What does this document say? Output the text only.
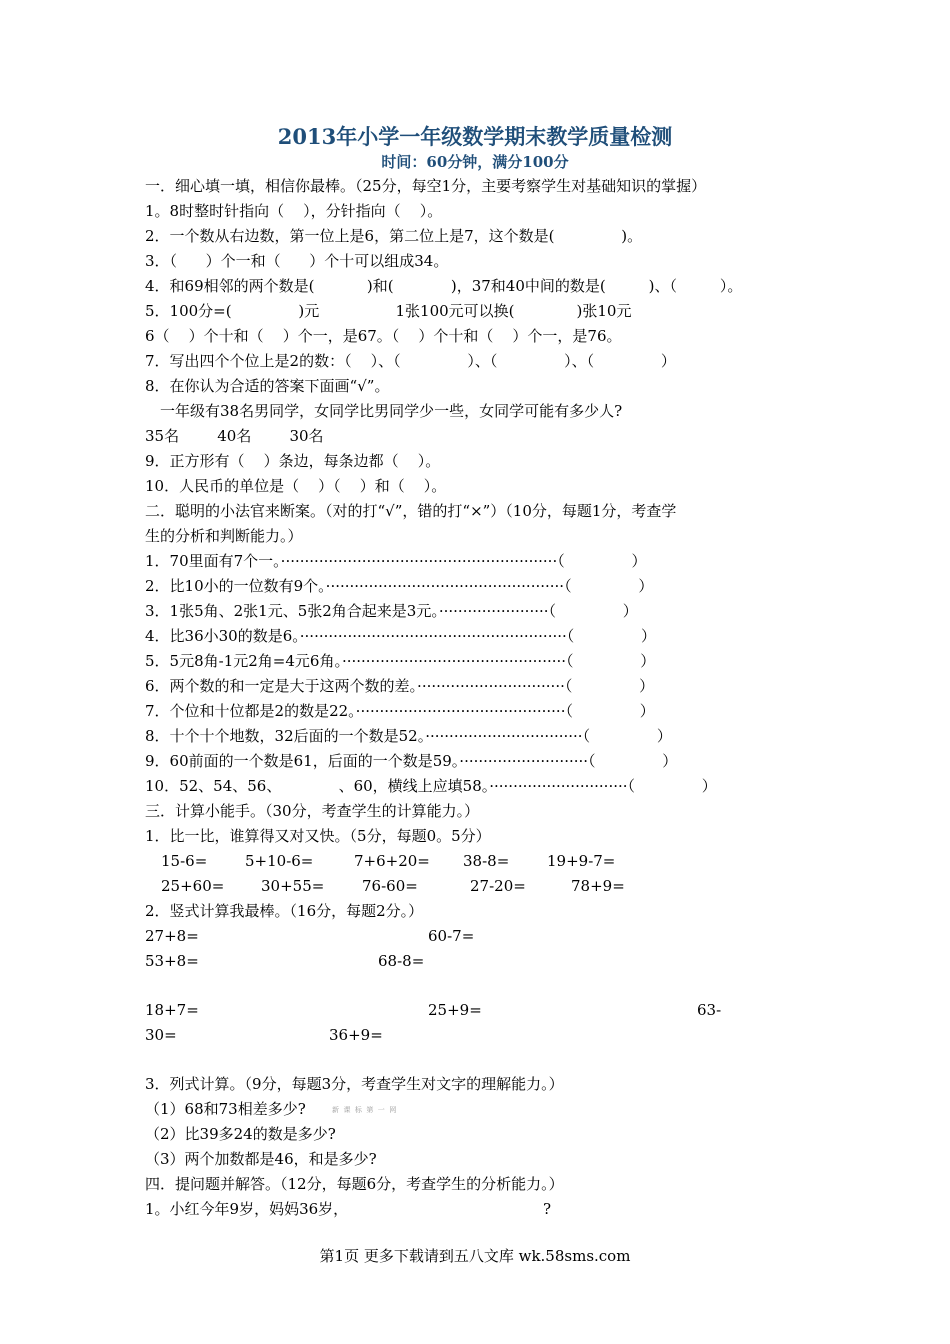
2013年小学一年级数学期末教学质量检测
时间：60分钟，满分100分
一．细心填一填，相信你最棒。（25分，每空1分，主要考察学生对基础知识的掌握）
1。8时整时针指向（    ），分针指向（    ）。
2．一个数从右边数，第一位上是6，第二位上是7，这个数是(              )。
3．（      ）个一和（      ）个十可以组成34。
4．和69相邻的两个数是(           )和(            )，37和40中间的数是(         )、（         ）。
5．100分=(              )元                1张100元可以换(             )张10元
6（    ）个十和（    ）个一，是67。（    ）个十和（    ）个一，是76。
7．写出四个个位上是2的数：（    ）、（              ）、（              ）、（              ）
8．在你认为合适的答案下面画“√”。
一年级有38名男同学，女同学比男同学少一些，女同学可能有多少人?
35名        40名        30名
9．正方形有（    ）条边，每条边都（    ）。
10．人民币的单位是（    ）（    ）和（    ）。
二．聪明的小法官来断案。（对的打“√”，错的打“×”）（10分，每题1分，考查学
生的分析和判断能力。）
1．70里面有7个一。··························································（              ）
2．比10小的一位数有9个。··················································（              ）
3．1张5角、2张1元、5张2角合起来是3元。·······················（              ）
4．比36小30的数是6。························································（              ）
5．5元8角-1元2角=4元6角。···············································（              ）
6．两个数的和一定是大于这两个数的差。·······························（              ）
7．个位和十位都是2的数是22。············································（              ）
8．十个十个地数，32后面的一个数是52。·································（              ）
9．60前面的一个数是61，后面的一个数是59。···························（              ）
10．52、54、56、            、60，横线上应填58。·····························（              ）
三．计算小能手。（30分，考查学生的计算能力。）
1．比一比，谁算得又对又快。（5分，每题0。5分）
15-6=	5+10-6=	7+6+20= 38-8=	19+9-7=
25+60= 30+55=	76-60=	27-20=	78+9=
2．竖式计算我最棒。（16分，每题2分。）
27+8=	60-7=
53+8=	68-8=
18+7=	25+9=	63-
30=	36+9=
3．列式计算。（9分，每题3分，考查学生对文字的理解能力。）
（1）68和73相差多少?	新  课  标  第  一  网
（2）比39多24的数是多少?
（3）两个加数都是46，和是多少?
四．提问题并解答。（12分，每题6分，考查学生的分析能力。）
1。小红今年9岁，妈妈36岁，	?
第1页 更多下载请到五八文库 wk.58sms.com
